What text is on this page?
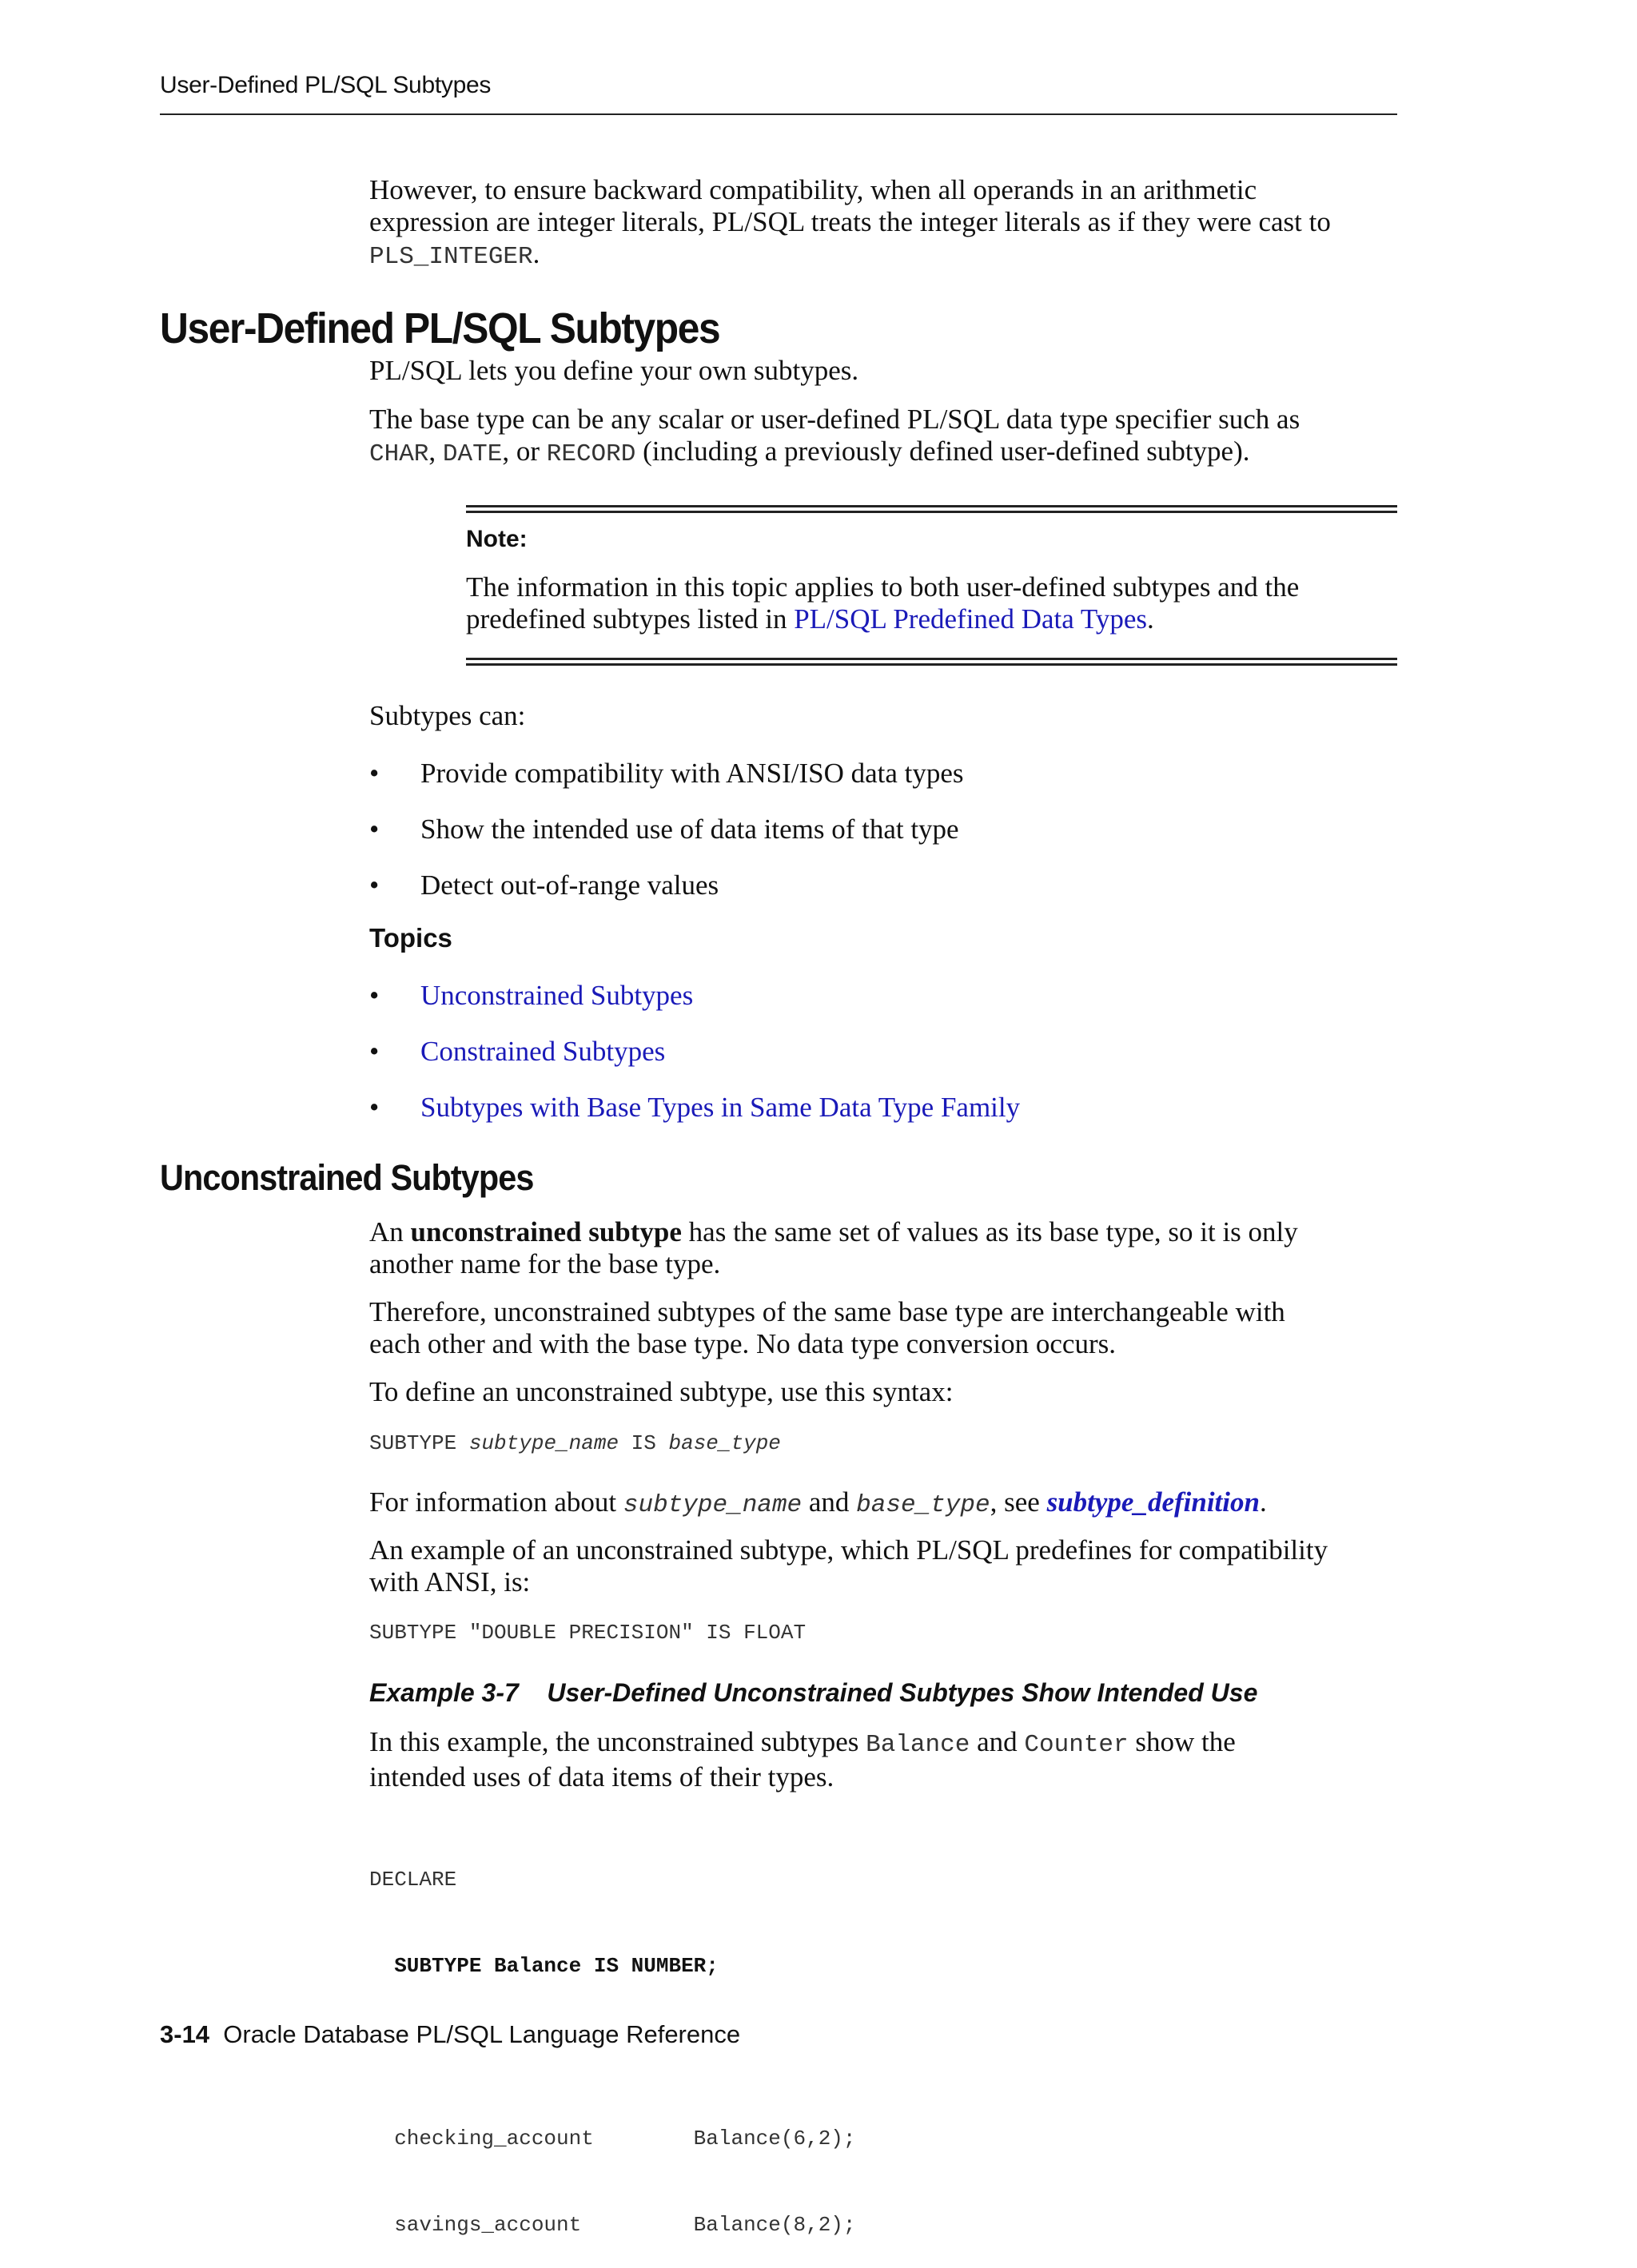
User-Defined PL/SQL Subtypes
However, to ensure backward compatibility, when all operands in an arithmetic
expression are integer literals, PL/SQL treats the integer literals as if they were cast to
PLS_INTEGER.
User-Defined PL/SQL Subtypes
PL/SQL lets you define your own subtypes.
The base type can be any scalar or user-defined PL/SQL data type specifier such as
CHAR, DATE, or RECORD (including a previously defined user-defined subtype).
Note:
The information in this topic applies to both user-defined subtypes and the
predefined subtypes listed in PL/SQL Predefined Data Types.
Subtypes can:
• Provide compatibility with ANSI/ISO data types
• Show the intended use of data items of that type
• Detect out-of-range values
Topics
• Unconstrained Subtypes
• Constrained Subtypes
• Subtypes with Base Types in Same Data Type Family
Unconstrained Subtypes
An unconstrained subtype has the same set of values as its base type, so it is only
another name for the base type.
Therefore, unconstrained subtypes of the same base type are interchangeable with
each other and with the base type. No data type conversion occurs.
To define an unconstrained subtype, use this syntax:
SUBTYPE subtype_name IS base_type
For information about subtype_name and base_type, see subtype_definition.
An example of an unconstrained subtype, which PL/SQL predefines for compatibility
with ANSI, is:
SUBTYPE "DOUBLE PRECISION" IS FLOAT
Example 3-7    User-Defined Unconstrained Subtypes Show Intended Use
In this example, the unconstrained subtypes Balance and Counter show the
intended uses of data items of their types.

DECLARE

SUBTYPE Balance IS NUMBER;

checking_account        Balance(6,2);

savings_account         Balance(8,2);

3-14 Oracle Database PL/SQL Language Reference
